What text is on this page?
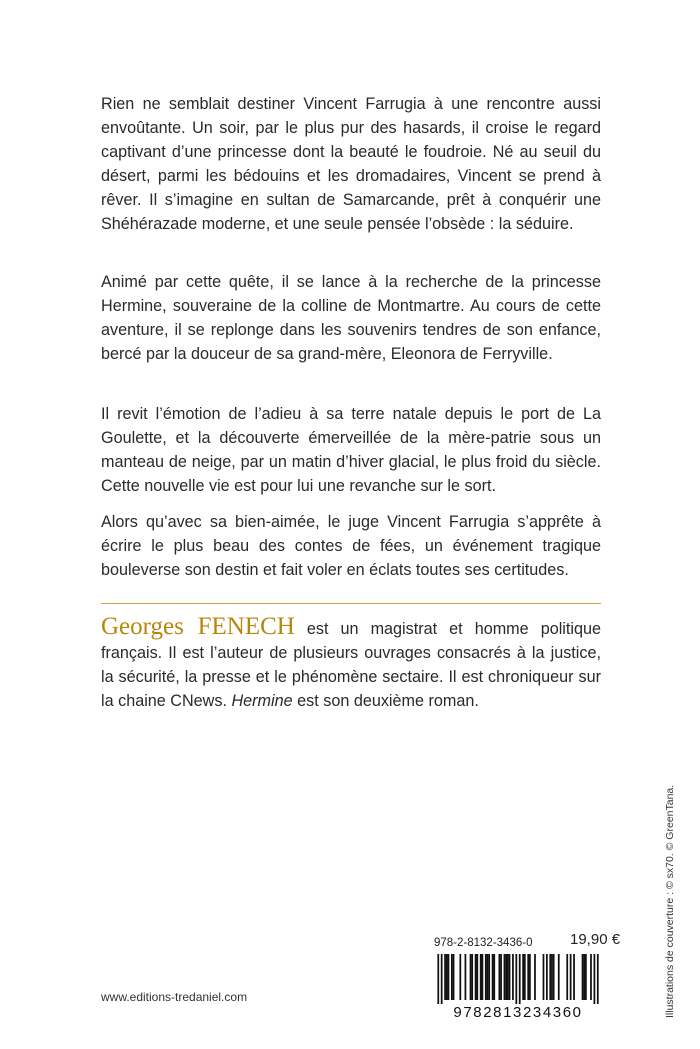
Rien ne semblait destiner Vincent Farrugia à une rencontre aussi envoûtante. Un soir, par le plus pur des hasards, il croise le regard captivant d’une princesse dont la beauté le foudroie. Né au seuil du désert, parmi les bédouins et les dromadaires, Vincent se prend à rêver. Il s’imagine en sultan de Samarcande, prêt à conquérir une Shéhérazade moderne, et une seule pensée l’obsède : la séduire.

Animé par cette quête, il se lance à la recherche de la princesse Hermine, souveraine de la colline de Montmartre. Au cours de cette aventure, il se replonge dans les souvenirs tendres de son enfance, bercé par la douceur de sa grand-mère, Eleonora de Ferryville.

Il revit l’émotion de l’adieu à sa terre natale depuis le port de La Goulette, et la découverte émerveillée de la mère-patrie sous un manteau de neige, par un matin d’hiver glacial, le plus froid du siècle. Cette nouvelle vie est pour lui une revanche sur le sort.

Alors qu’avec sa bien-aimée, le juge Vincent Farrugia s’apprête à écrire le plus beau des contes de fées, un événement tragique bouleverse son destin et fait voler en éclats toutes ses certitudes.

Georges FENECH est un magistrat et homme politique français. Il est l’auteur de plusieurs ouvrages consacrés à la justice, la sécurité, la presse et le phénomène sectaire. Il est chroniqueur sur la chaine CNews. Hermine est son deuxième roman.

Illustrations de couverture : © sx70. © GreenTana.
978-2-8132-3436-0	19,90 €
9782813234360
www.editions-tredaniel.com
